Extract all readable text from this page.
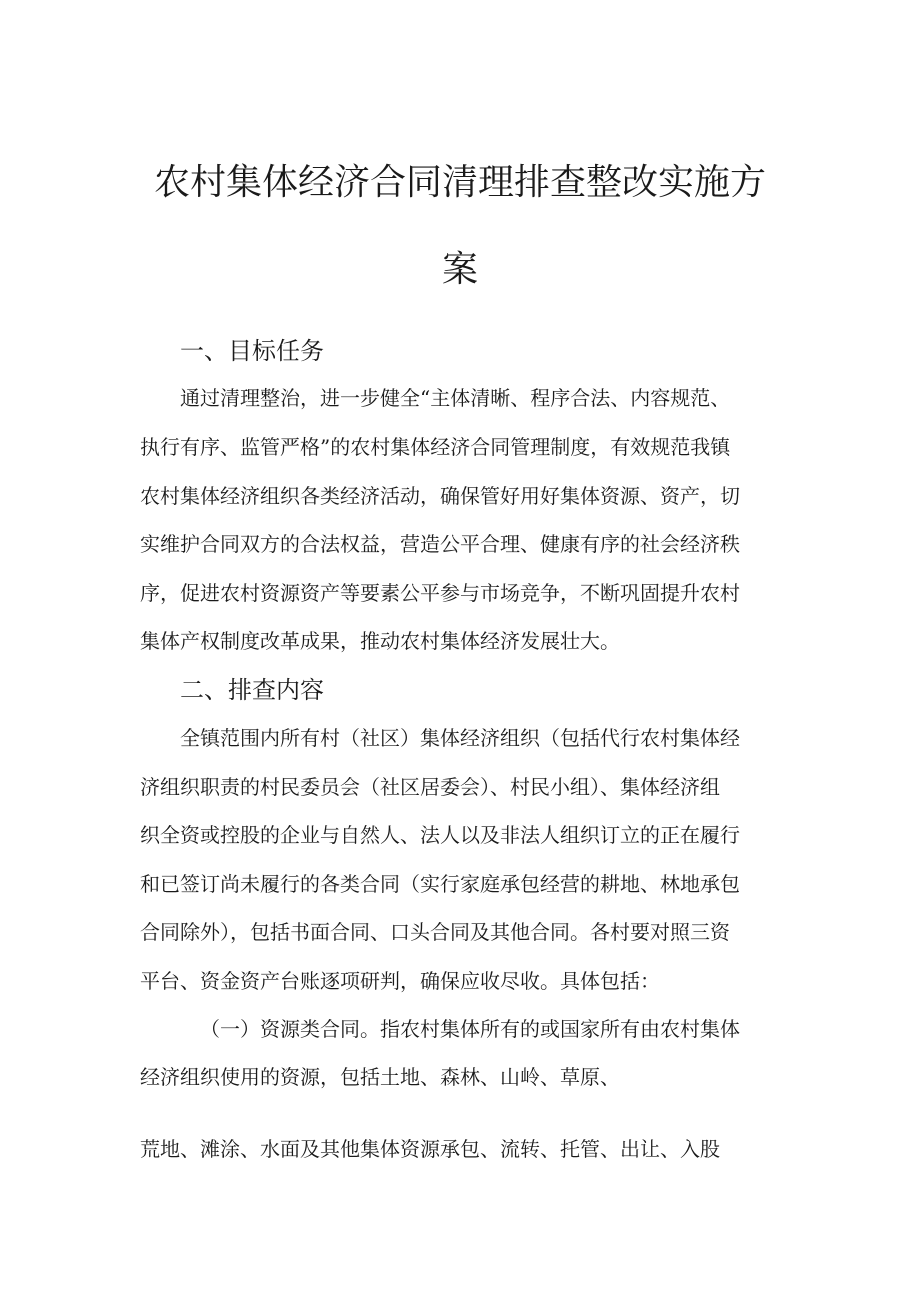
农村集体经济合同清理排查整改实施方
案
一、目标任务

通过清理整治，进一步健全“主体清晰、程序合法、内容规范、

执行有序、监管严格”的农村集体经济合同管理制度，有效规范我镇

农村集体经济组织各类经济活动，确保管好用好集体资源、资产，切

实维护合同双方的合法权益，营造公平合理、健康有序的社会经济秩

序，促进农村资源资产等要素公平参与市场竞争，不断巩固提升农村

集体产权制度改革成果，推动农村集体经济发展壮大。

二、排查内容

全镇范围内所有村（社区）集体经济组织（包括代行农村集体经

济组织职责的村民委员会（社区居委会）、村民小组）、集体经济组

织全资或控股的企业与自然人、法人以及非法人组织订立的正在履行

和已签订尚未履行的各类合同（实行家庭承包经营的耕地、林地承包

合同除外），包括书面合同、口头合同及其他合同。各村要对照三资

平台、资金资产台账逐项研判，确保应收尽收。具体包括：

（一）资源类合同。指农村集体所有的或国家所有由农村集体

经济组织使用的资源，包括土地、森林、山岭、草原、

荒地、滩涂、水面及其他集体资源承包、流转、托管、出让、入股
